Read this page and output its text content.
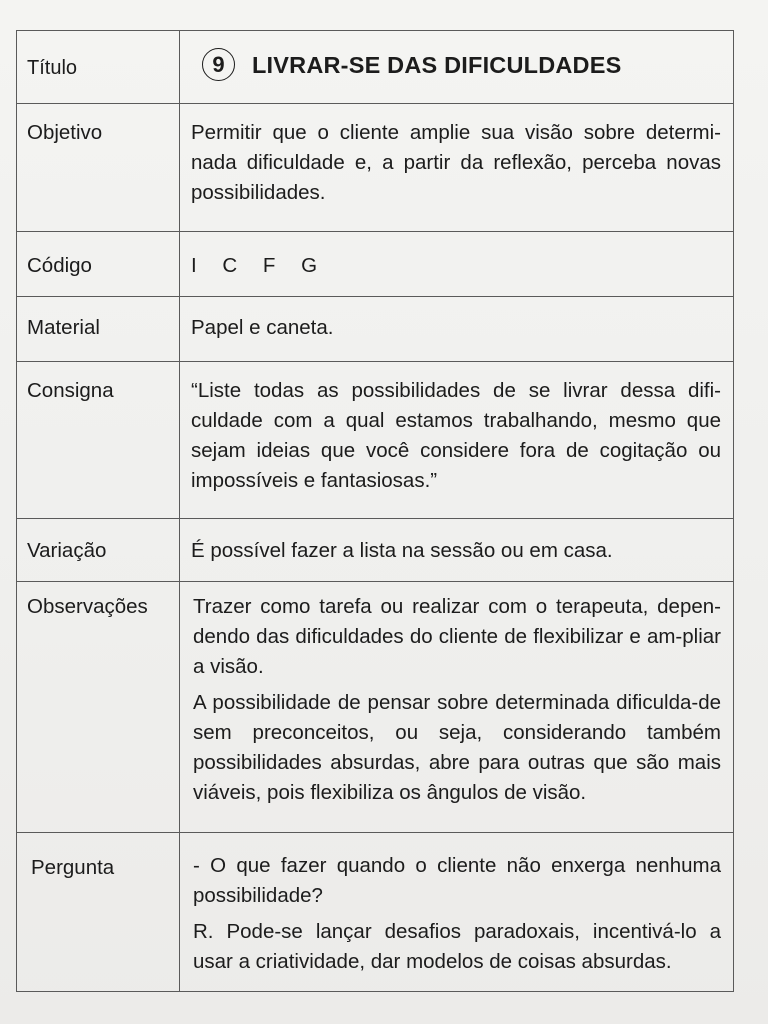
Título	9 LIVRAR-SE DAS DIFICULDADES

Objetivo	Permitir que o cliente amplie sua visão sobre determi-nada dificuldade e, a partir da reflexão, perceba novas possibilidades.

Código	I C F G

Material	Papel e caneta.

Consigna	“Liste todas as possibilidades de se livrar dessa difi-culdade com a qual estamos trabalhando, mesmo que sejam ideias que você considere fora de cogitação ou impossíveis e fantasiosas.”

Variação	É possível fazer a lista na sessão ou em casa.

Observações	Trazer como tarefa ou realizar com o terapeuta, depen-dendo das dificuldades do cliente de flexibilizar e am-pliar a visão.

A possibilidade de pensar sobre determinada dificulda-de sem preconceitos, ou seja, considerando também possibilidades absurdas, abre para outras que são mais viáveis, pois flexibiliza os ângulos de visão.

Pergunta	- O que fazer quando o cliente não enxerga nenhuma possibilidade?

R. Pode-se lançar desafios paradoxais, incentivá-lo a usar a criatividade, dar modelos de coisas absurdas.
